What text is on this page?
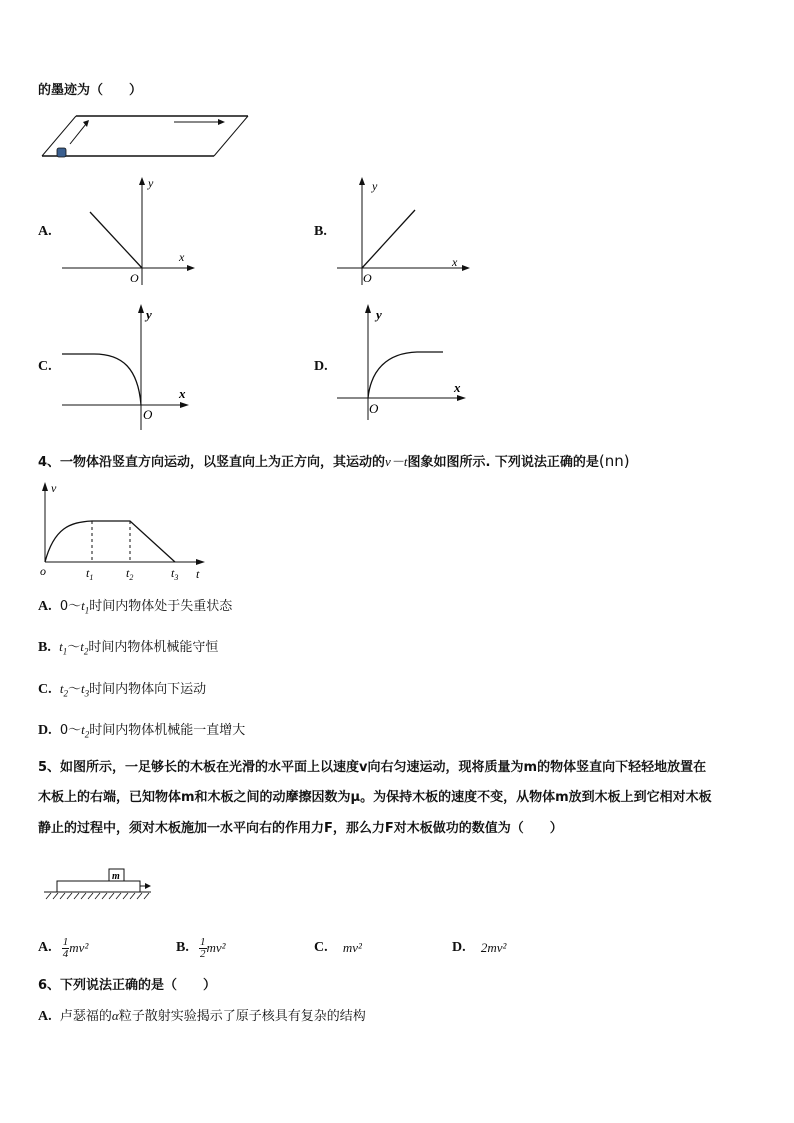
的墨迹为（　　）
A.
y
x
O
B.
y
x
O
C.
y
x
O
D.
y
x
O
4、一物体沿竖直方向运动，以竖直向上为正方向，其运动的v－t图象如图所示. 下列说法正确的是(nn)
v
o	$t_1$	$t_2$	$t_3$ t
A. $0\sim t_1$时间内物体处于失重状态
B. $t_1\sim t_2$时间内物体机械能守恒
C. $t_2\sim t_3$时间内物体向下运动
D. $0\sim t_2$时间内物体机械能一直增大
5、如图所示，一足够长的木板在光滑的水平面上以速度v向右匀速运动，现将质量为m的物体竖直向下轻轻地放置在
木板上的右端，已知物体m和木板之间的动摩擦因数为μ。为保持木板的速度不变，从物体m放到木板上到它相对木板
静止的过程中，须对木板施加一水平向右的作用力F，那么力F对木板做功的数值为（　　）
m
A.
$\frac{1}{4} mv^2$	B.
$\frac{1}{2} mv^2$	C.
mv²	D.
2mv²
6、下列说法正确的是（　　）
A. 卢瑟福的α粒子散射实验揭示了原子核具有复杂的结构
